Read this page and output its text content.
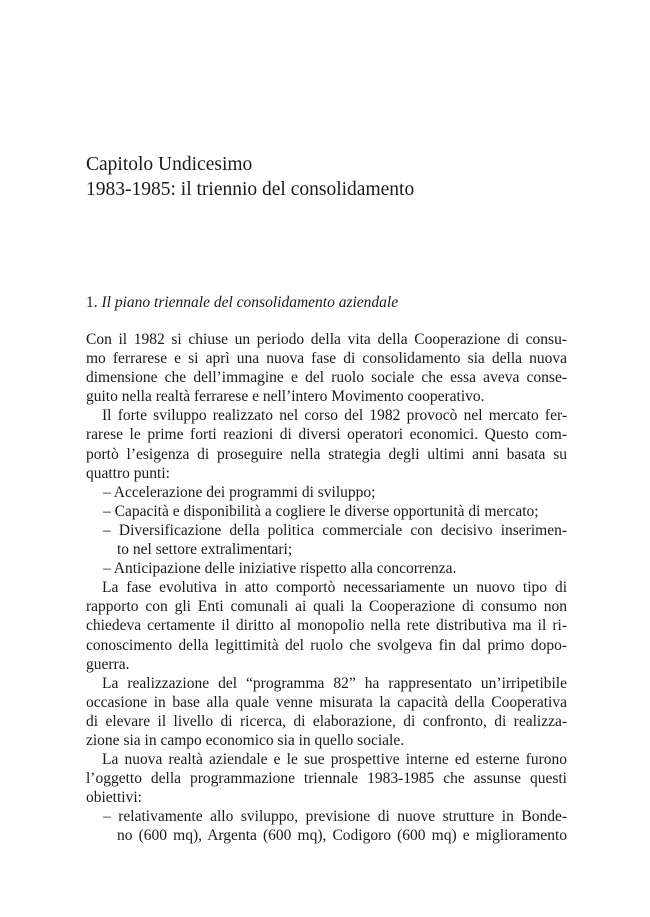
Capitolo Undicesimo
1983-1985: il triennio del consolidamento
1. Il piano triennale del consolidamento aziendale
Con il 1982 si chiuse un periodo della vita della Cooperazione di consu-
mo ferrarese e si aprì una nuova fase di consolidamento sia della nuova
dimensione che dell’immagine e del ruolo sociale che essa aveva conse-
guito nella realtà ferrarese e nell’intero Movimento cooperativo.
Il forte sviluppo realizzato nel corso del 1982 provocò nel mercato fer-
rarese le prime forti reazioni di diversi operatori economici. Questo com-
portò l’esigenza di proseguire nella strategia degli ultimi anni basata su
quattro punti:
– Accelerazione dei programmi di sviluppo;
– Capacità e disponibilità a cogliere le diverse opportunità di mercato;
– Diversificazione della politica commerciale con decisivo inserimen-
to nel settore extralimentari;
– Anticipazione delle iniziative rispetto alla concorrenza.
La fase evolutiva in atto comportò necessariamente un nuovo tipo di
rapporto con gli Enti comunali ai quali la Cooperazione di consumo non
chiedeva certamente il diritto al monopolio nella rete distributiva ma il ri-
conoscimento della legittimità del ruolo che svolgeva fin dal primo dopo-
guerra.
La realizzazione del “programma 82” ha rappresentato un’irripetibile
occasione in base alla quale venne misurata la capacità della Cooperativa
di elevare il livello di ricerca, di elaborazione, di confronto, di realizza-
zione sia in campo economico sia in quello sociale.
La nuova realtà aziendale e le sue prospettive interne ed esterne furono
l’oggetto della programmazione triennale 1983-1985 che assunse questi
obiettivi:
– relativamente allo sviluppo, previsione di nuove strutture in Bonde-
no (600 mq), Argenta (600 mq), Codigoro (600 mq) e miglioramento
